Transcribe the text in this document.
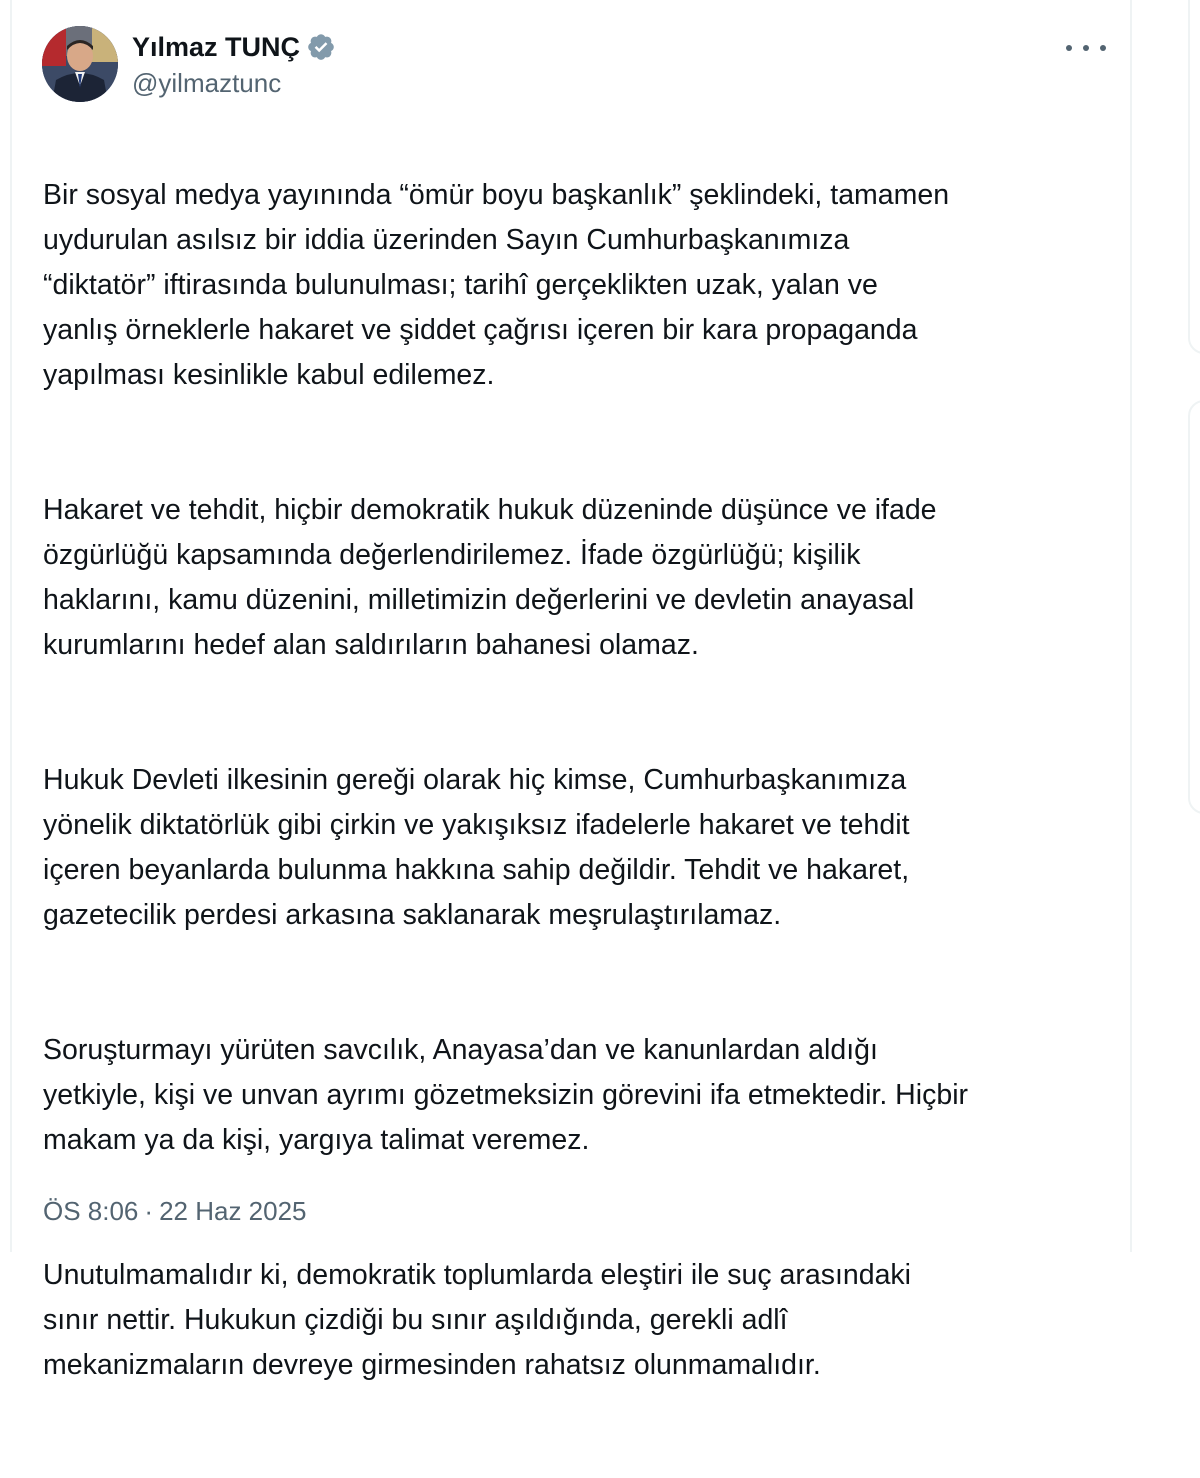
Yılmaz TUNÇ
@yilmaztunc

Bir sosyal medya yayınında “ömür boyu başkanlık” şeklindeki, tamamen
uydurulan asılsız bir iddia üzerinden Sayın Cumhurbaşkanımıza
“diktatör” iftirasında bulunulması; tarihî gerçeklikten uzak, yalan ve
yanlış örneklerle hakaret ve şiddet çağrısı içeren bir kara propaganda
yapılması kesinlikle kabul edilemez.

Hakaret ve tehdit, hiçbir demokratik hukuk düzeninde düşünce ve ifade
özgürlüğü kapsamında değerlendirilemez. İfade özgürlüğü; kişilik
haklarını, kamu düzenini, milletimizin değerlerini ve devletin anayasal
kurumlarını hedef alan saldırıların bahanesi olamaz.

Hukuk Devleti ilkesinin gereği olarak hiç kimse, Cumhurbaşkanımıza
yönelik diktatörlük gibi çirkin ve yakışıksız ifadelerle hakaret ve tehdit
içeren beyanlarda bulunma hakkına sahip değildir. Tehdit ve hakaret,
gazetecilik perdesi arkasına saklanarak meşrulaştırılamaz.

Soruşturmayı yürüten savcılık, Anayasa’dan ve kanunlardan aldığı
yetkiyle, kişi ve unvan ayrımı gözetmeksizin görevini ifa etmektedir. Hiçbir
makam ya da kişi, yargıya talimat veremez.

Unutulmamalıdır ki, demokratik toplumlarda eleştiri ile suç arasındaki
sınır nettir. Hukukun çizdiği bu sınır aşıldığında, gerekli adlî
mekanizmaların devreye girmesinden rahatsız olunmamalıdır.

ÖS 8:06 · 22 Haz 2025
